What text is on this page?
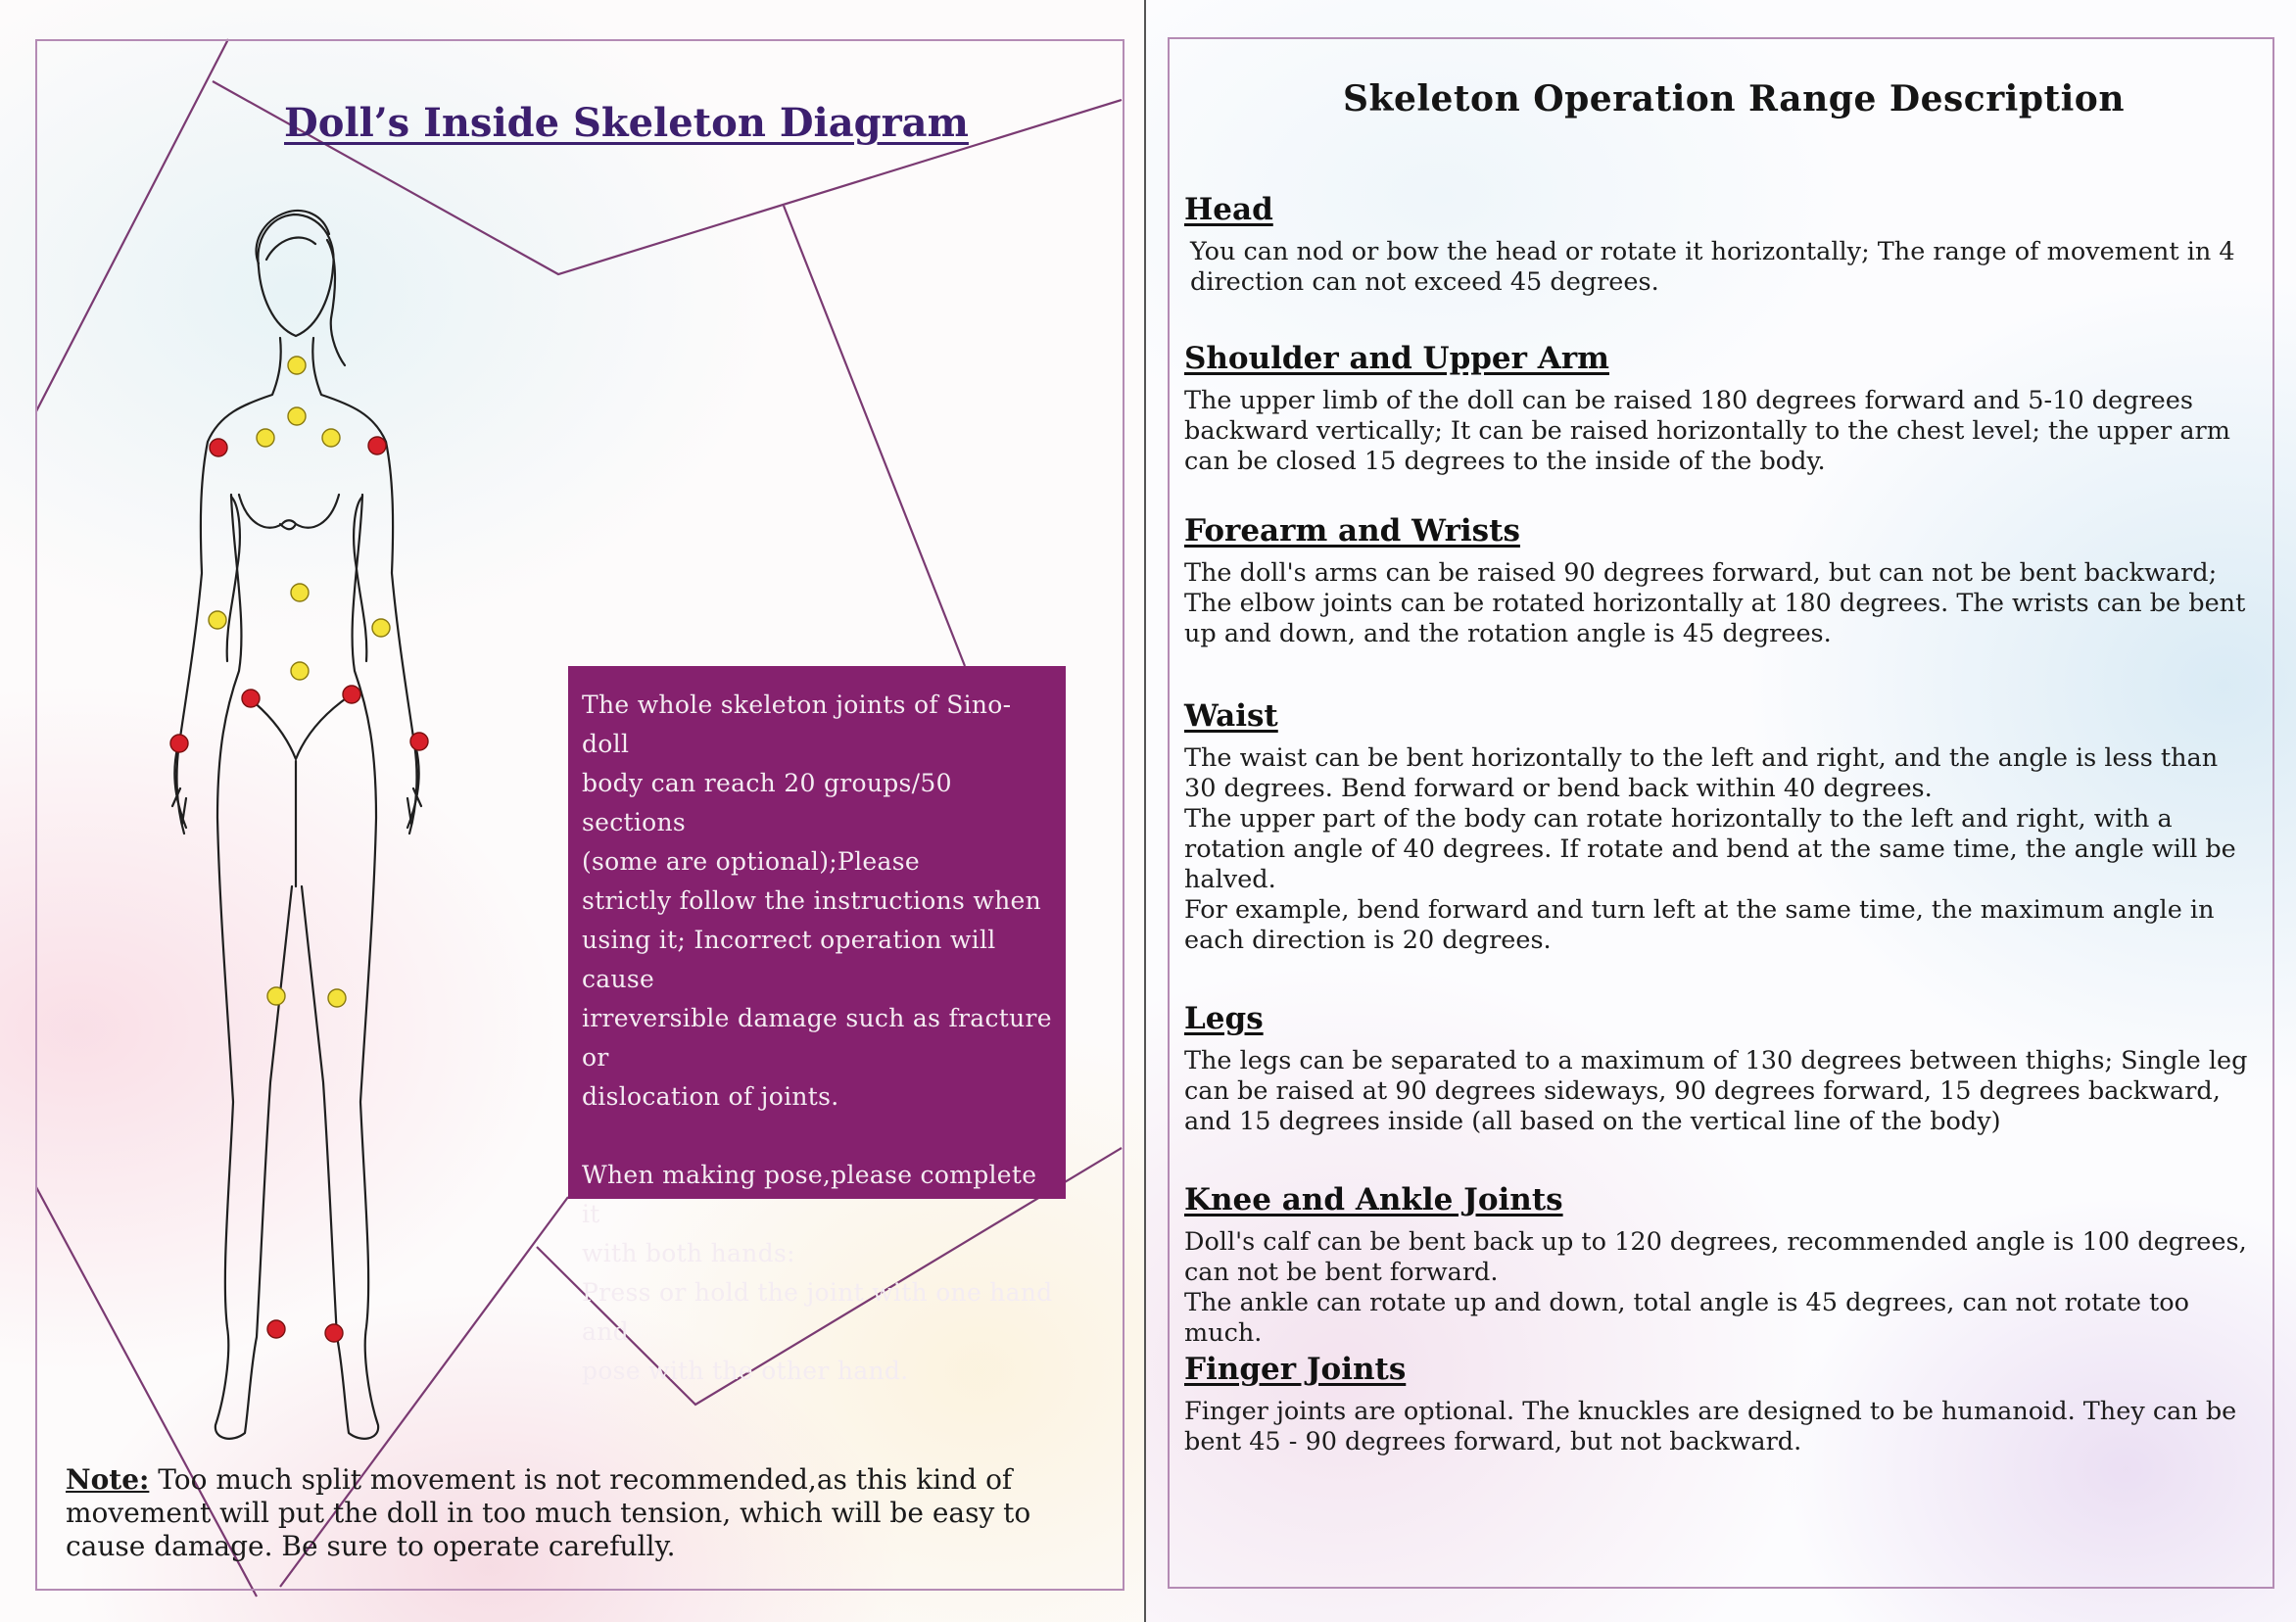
Doll’s Inside Skeleton Diagram

The whole skeleton joints of Sino-doll

body can reach 20 groups/50 sections

(some are optional);Please

strictly follow the instructions when

using it; Incorrect operation will cause

irreversible damage such as fracture or

dislocation of joints.

When making pose,please complete it

with both hands:

Press or hold the joint with one hand and

pose with the other hand.

Note: Too much split movement is not recommended,as this kind of movement will put the doll in too much tension, which will be easy to cause damage. Be sure to operate carefully.

Skeleton Operation Range Description
Head

You can nod or bow the head or rotate it horizontally; The range of movement in 4 direction can not exceed 45 degrees.

Shoulder and Upper Arm

The upper limb of the doll can be raised 180 degrees forward and 5-10 degrees backward vertically; It can be raised horizontally to the chest level; the upper arm can be closed 15 degrees to the inside of the body.

Forearm and Wrists

The doll's arms can be raised 90 degrees forward, but can not be bent backward; The elbow joints can be rotated horizontally at 180 degrees. The wrists can be bent up and down, and the rotation angle is 45 degrees.

Waist

The waist can be bent horizontally to the left and right, and the angle is less than 30 degrees. Bend forward or bend back within 40 degrees.

The upper part of the body can rotate horizontally to the left and right, with a rotation angle of 40 degrees. If rotate and bend at the same time, the angle will be halved.

For example, bend forward and turn left at the same time, the maximum angle in each direction is 20 degrees.

Legs

The legs can be separated to a maximum of 130 degrees between thighs; Single leg can be raised at 90 degrees sideways, 90 degrees forward, 15 degrees backward, and 15 degrees inside (all based on the vertical line of the body)

Knee and Ankle Joints

Doll's calf can be bent back up to 120 degrees, recommended angle is 100 degrees, can not be bent forward.

The ankle can rotate up and down, total angle is 45 degrees, can not rotate too much.

Finger Joints

Finger joints are optional. The knuckles are designed to be humanoid. They can be bent 45 - 90 degrees forward, but not backward.
